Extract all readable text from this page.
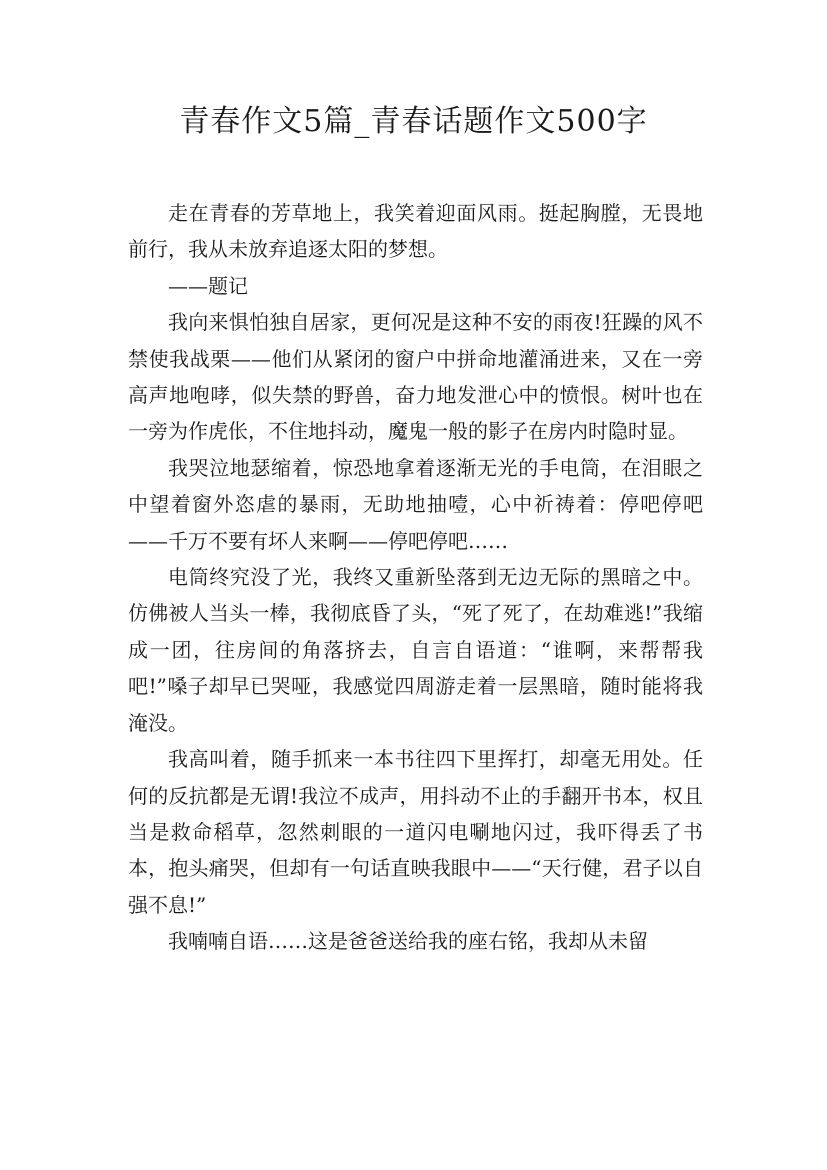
青春作文5篇_青春话题作文500字

走在青春的芳草地上，我笑着迎面风雨。挺起胸膛，无畏地前行，我从未放弃追逐太阳的梦想。

——题记

我向来惧怕独自居家，更何况是这种不安的雨夜!狂躁的风不禁使我战栗——他们从紧闭的窗户中拼命地灌涌进来，又在一旁高声地咆哮，似失禁的野兽，奋力地发泄心中的愤恨。树叶也在一旁为作虎伥，不住地抖动，魔鬼一般的影子在房内时隐时显。

我哭泣地瑟缩着，惊恐地拿着逐渐无光的手电筒，在泪眼之中望着窗外恣虐的暴雨，无助地抽噎，心中祈祷着：停吧停吧——千万不要有坏人来啊——停吧停吧……

电筒终究没了光，我终又重新坠落到无边无际的黑暗之中。仿佛被人当头一棒，我彻底昏了头，“死了死了，在劫难逃!”我缩成一团，往房间的角落挤去，自言自语道：“谁啊，来帮帮我吧!”嗓子却早已哭哑，我感觉四周游走着一层黑暗，随时能将我淹没。

我高叫着，随手抓来一本书往四下里挥打，却毫无用处。任何的反抗都是无谓!我泣不成声，用抖动不止的手翻开书本，权且当是救命稻草，忽然刺眼的一道闪电唰地闪过，我吓得丢了书本，抱头痛哭，但却有一句话直映我眼中——“天行健，君子以自强不息!”

我喃喃自语……这是爸爸送给我的座右铭，我却从未留
